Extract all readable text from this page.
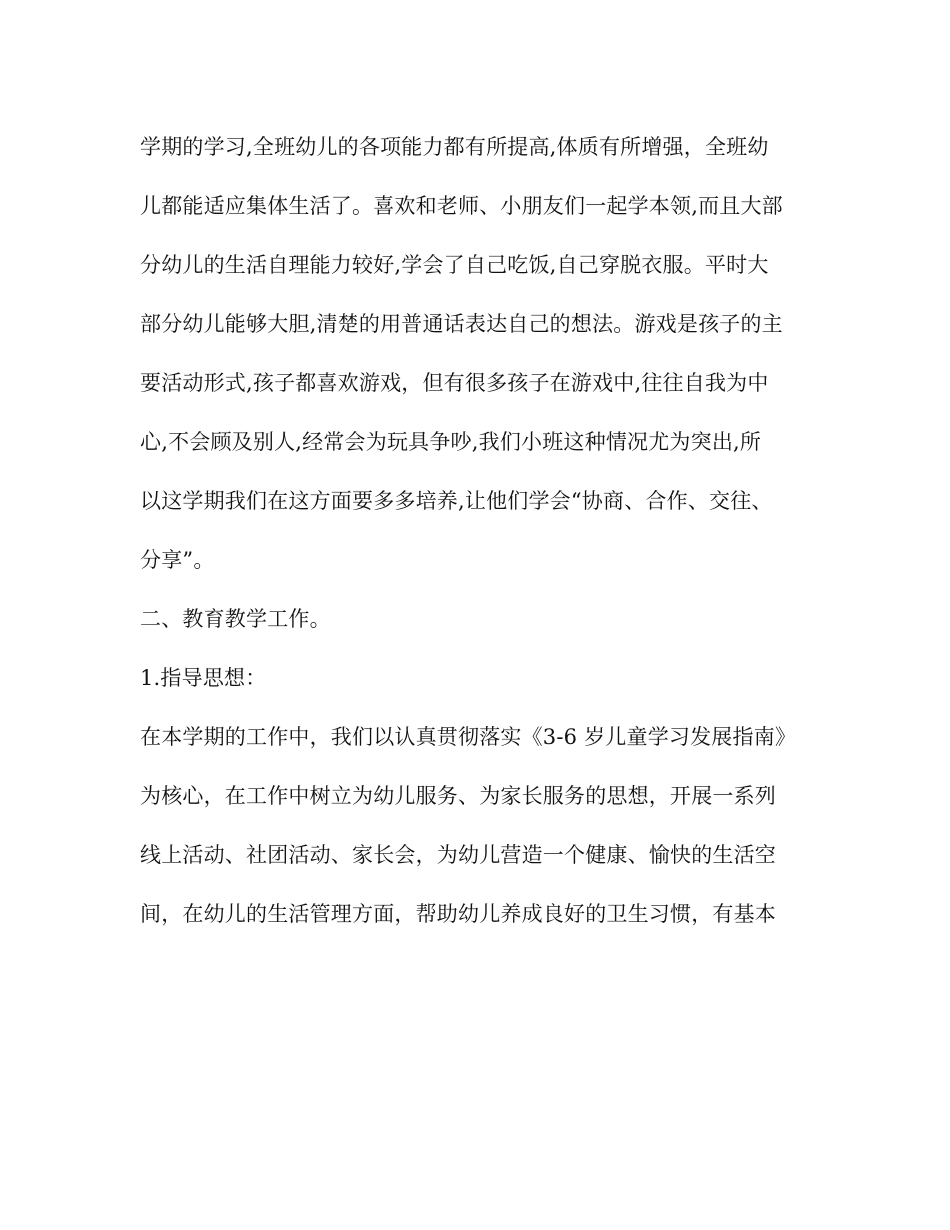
学期的学习,全班幼儿的各项能力都有所提高,体质有所增强，全班幼
儿都能适应集体生活了。喜欢和老师、小朋友们一起学本领,而且大部
分幼儿的生活自理能力较好,学会了自己吃饭,自己穿脱衣服。平时大
部分幼儿能够大胆,清楚的用普通话表达自己的想法。游戏是孩子的主
要活动形式,孩子都喜欢游戏，但有很多孩子在游戏中,往往自我为中
心,不会顾及别人,经常会为玩具争吵,我们小班这种情况尤为突出,所
以这学期我们在这方面要多多培养,让他们学会“协商、合作、交往、
分享”。
二、教育教学工作。
1.指导思想：
在本学期的工作中，我们以认真贯彻落实《3-6 岁儿童学习发展指南》
为核心，在工作中树立为幼儿服务、为家长服务的思想，开展一系列
线上活动、社团活动、家长会，为幼儿营造一个健康、愉快的生活空
间，在幼儿的生活管理方面，帮助幼儿养成良好的卫生习惯，有基本
